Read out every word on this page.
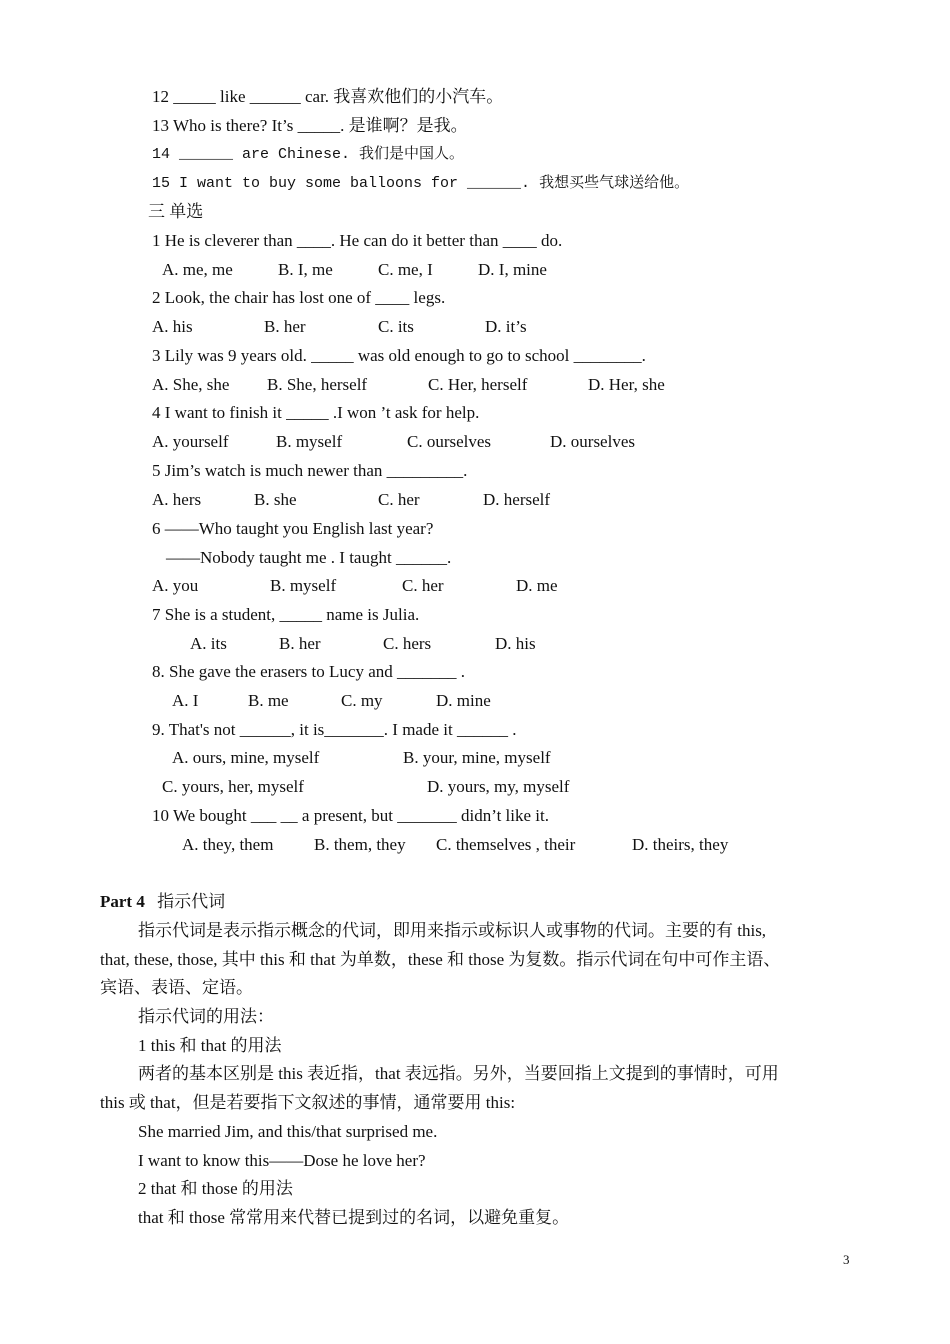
12 _____ like ______ car. 我喜欢他们的小汽车。
13 Who is there? It’s _____. 是谁啊？是我。
14 ______ are Chinese. 我们是中国人。
15 I want to buy some balloons for ______. 我想买些气球送给他。
三 单选
1 He is cleverer than ____. He can do it better than ____ do.
A. me, me	B. I, me	C. me, I	D. I, mine
2 Look, the chair has lost one of ____ legs.
A. his	B. her	C. its	D. it’s
3 Lily was 9 years old. _____ was old enough to go to school ________.
A. She, she B. She, herself	C. Her, herself	D. Her, she
4 I want to finish it _____ .I won ’t ask for help.
A. yourself	B. myself	C. ourselves	D. ourselves
5 Jim’s watch is much newer than _________.
A. hers	B. she	C. her	D. herself
6 ——Who taught you English last year?
——Nobody taught me . I taught ______.
A. you	B. myself	C. her	D. me
7 She is a student, _____ name is Julia.
A. its	B. her	C. hers	D. his
8. She gave the erasers to Lucy and _______ .
A. I	B. me	C. my	D. mine
9. That's not ______, it is_______. I made it ______ .
A. ours, mine, myself	B. your, mine, myself
C. yours, her, myself	D. yours, my, myself
10 We bought ___ __ a present, but _______ didn’t like it.
A. they, them B. them, they C. themselves , their	D. theirs, they
Part 4 指示代词
指示代词是表示指示概念的代词，即用来指示或标识人或事物的代词。主要的有 this,
that, these, those, 其中 this 和 that 为单数，these 和 those 为复数。指示代词在句中可作主语、
宾语、表语、定语。
指示代词的用法：
1 this 和 that 的用法
两者的基本区别是 this 表近指，that 表远指。另外，当要回指上文提到的事情时，可用
this 或 that，但是若要指下文叙述的事情，通常要用 this:
She married Jim, and this/that surprised me.
I want to know this——Dose he love her?
2 that 和 those 的用法
that 和 those 常常用来代替已提到过的名词，以避免重复。
3
